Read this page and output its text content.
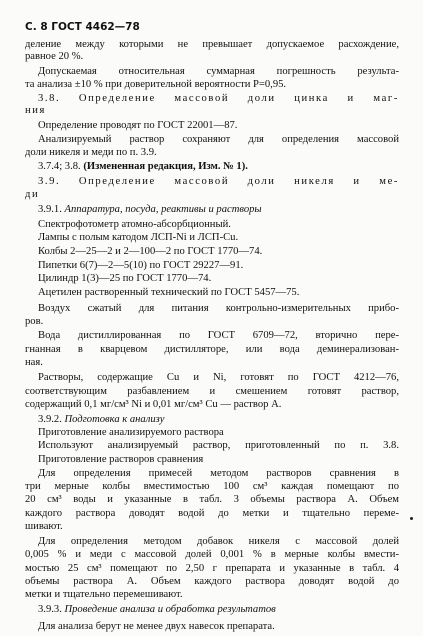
С. 8 ГОСТ 4462—78
деление между которыми не превышает допускаемое расхождение,
равное 20 %.
Допускаемая относительная суммарная погрешность результа-
та анализа ±10 % при доверительной вероятности P=0,95.
3.8. Определение массовой доли цинка и маг-
ния
Определение проводят по ГОСТ 22001—87.
Анализируемый раствор сохраняют для определения массовой
доли никеля и меди по п. 3.9.
3.7.4; 3.8. (Измененная редакция, Изм. № 1).
3.9. Определение массовой доли никеля и ме-
ди
3.9.1. Аппаратура, посуда, реактивы и растворы
Спектрофотометр атомно-абсорбционный.
Лампы с полым катодом ЛСП-Ni и ЛСП-Cu.
Колбы 2—25—2 и 2—100—2 по ГОСТ 1770—74.
Пипетки 6(7)—2—5(10) по ГОСТ 29227—91.
Цилиндр 1(3)—25 по ГОСТ 1770—74.
Ацетилен растворенный технический по ГОСТ 5457—75.
Воздух сжатый для питания контрольно-измерительных прибо-
ров.
Вода дистиллированная по ГОСТ 6709—72, вторично пере-
гнанная в кварцевом дистилляторе, или вода деминерализован-
ная.
Растворы, содержащие Cu и Ni, готовят по ГОСТ 4212—76,
соответствующим разбавлением и смешением готовят раствор,
содержащий 0,1 мг/см³ Ni и 0,01 мг/см³ Cu — раствор А.
3.9.2. Подготовка к анализу
Приготовление анализируемого раствора
Используют анализируемый раствор, приготовленный по п. 3.8.
Приготовление растворов сравнения
Для определения примесей методом растворов сравнения в
три мерные колбы вместимостью 100 см³ каждая помещают по
20 см³ воды и указанные в табл. 3 объемы раствора А. Объем
каждого раствора доводят водой до метки и тщательно переме-
шивают.
Для определения методом добавок никеля с массовой долей
0,005 % и меди с массовой долей 0,001 % в мерные колбы вмести-
мостью 25 см³ помещают по 2,50 г препарата и указанные в табл. 4
объемы раствора А. Объем каждого раствора доводят водой до
метки и тщательно перемешивают.
3.9.3. Проведение анализа и обработка результатов
Для анализа берут не менее двух навесок препарата.
